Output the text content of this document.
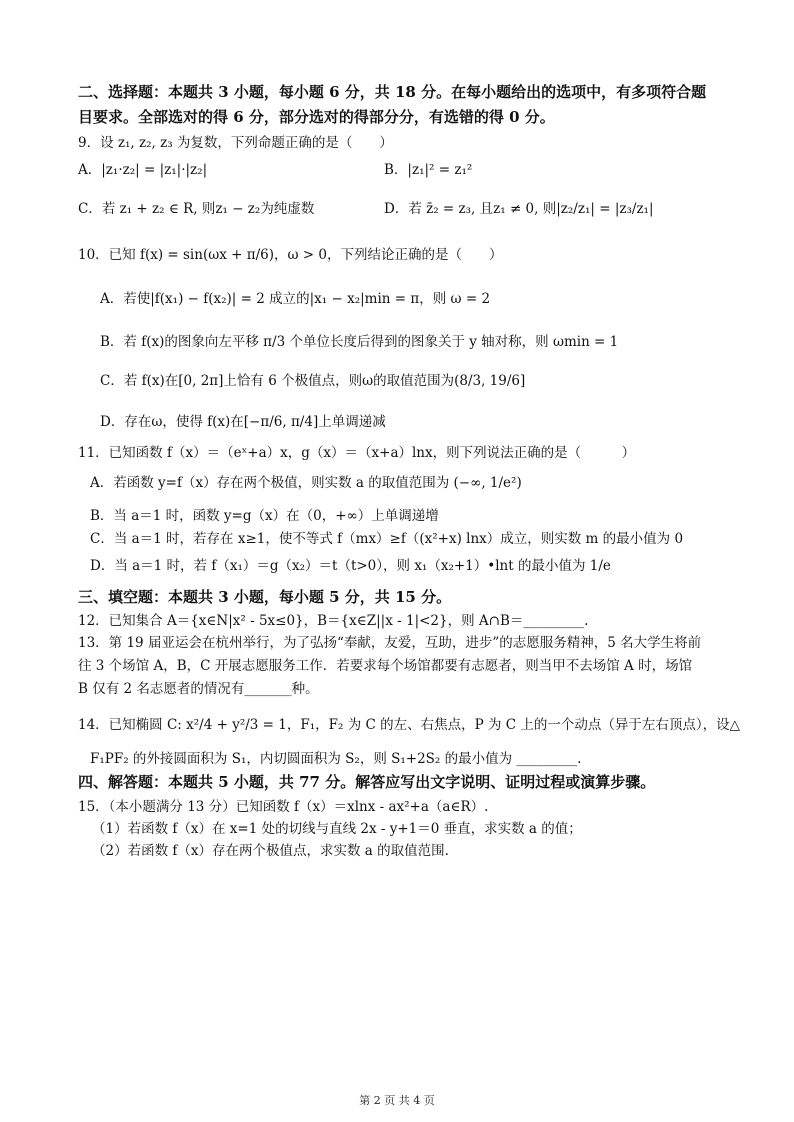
二、选择题：本题共 3 小题，每小题 6 分，共 18 分。在每小题给出的选项中，有多项符合题
目要求。全部选对的得 6 分，部分选对的得部分分，有选错的得 0 分。
9．设 z₁, z₂, z₃ 为复数，下列命题正确的是（　　）
A．|z₁·z₂| = |z₁|·|z₂|	B．|z₁|² = z₁²
C．若 z₁ + z₂ ∈ R, 则z₁ − z₂为纯虚数	D．若 z̄₂ = z₃, 且z₁ ≠ 0, 则|z₂/z₁| = |z₃/z₁|
10．已知 f(x) = sin(ωx + π/6)，ω > 0，下列结论正确的是（　　）
A．若使|f(x₁) − f(x₂)| = 2 成立的|x₁ − x₂|min = π，则 ω = 2
B．若 f(x)的图象向左平移 π/3 个单位长度后得到的图象关于 y 轴对称，则 ωmin = 1
C．若 f(x)在[0, 2π]上恰有 6 个极值点，则ω的取值范围为(8/3, 19/6]
D．存在ω，使得 f(x)在[−π/6, π/4]上单调递减
11．已知函数 f（x）＝（eˣ+a）x，g（x）＝（x+a）lnx，则下列说法正确的是（　　　）
A．若函数 y=f（x）存在两个极值，则实数 a 的取值范围为 (−∞, 1/e²)
B．当 a＝1 时，函数 y=g（x）在（0，+∞）上单调递增
C．当 a＝1 时，若存在 x≥1，使不等式 f（mx）≥f（(x²+x) lnx）成立，则实数 m 的最小值为 0
D．当 a＝1 时，若 f（x₁）＝g（x₂）＝t（t>0），则 x₁（x₂+1）•lnt 的最小值为 1/e
三、填空题：本题共 3 小题，每小题 5 分，共 15 分。
12．已知集合 A＝{x∈N|x² - 5x≤0}，B＝{x∈Z||x - 1|<2}，则 A∩B＝_________.
13．第 19 届亚运会在杭州举行，为了弘扬“奉献，友爱，互助，进步”的志愿服务精神，5 名大学生将前
往 3 个场馆 A，B，C 开展志愿服务工作．若要求每个场馆都要有志愿者，则当甲不去场馆 A 时，场馆
B 仅有 2 名志愿者的情况有_______种。
14．已知椭圆 C: x²/4 + y²/3 = 1，F₁，F₂ 为 C 的左、右焦点，P 为 C 上的一个动点（异于左右顶点），设△
F₁PF₂ 的外接圆面积为 S₁，内切圆面积为 S₂，则 S₁+2S₂ 的最小值为 _________.
四、解答题：本题共 5 小题，共 77 分。解答应写出文字说明、证明过程或演算步骤。
15．（本小题满分 13 分）已知函数 f（x）＝xlnx - ax²+a（a∈R）.
（1）若函数 f（x）在 x=1 处的切线与直线 2x - y+1＝0 垂直，求实数 a 的值；
（2）若函数 f（x）存在两个极值点，求实数 a 的取值范围.
第 2 页 共 4 页
